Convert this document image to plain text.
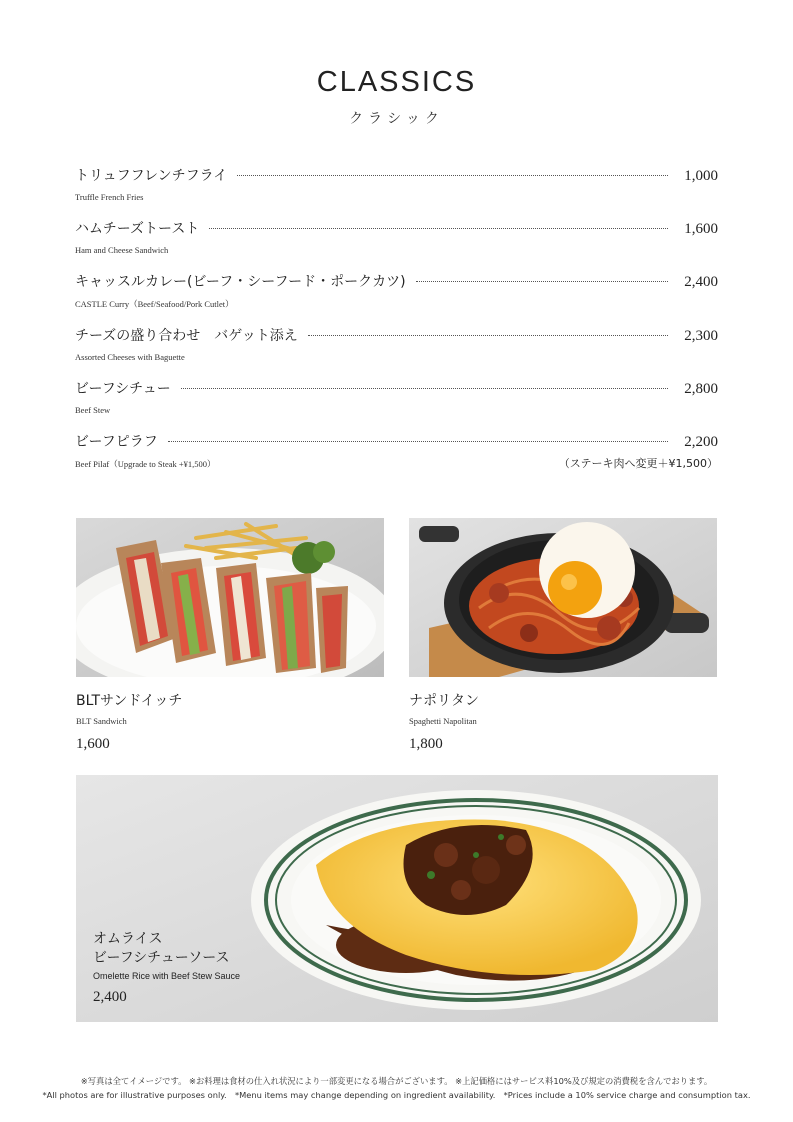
CLASSICS
クラシック
トリュフフレンチフライ	1,000
Truffle French Fries
ハムチーズトースト	1,600
Ham and Cheese Sandwich
キャッスルカレー(ビーフ・シーフード・ポークカツ)	2,400
CASTLE Curry（Beef/Seafood/Pork Cutlet）
チーズの盛り合わせ　バゲット添え	2,300
Assorted Cheeses with Baguette
ビーフシチュー	2,800
Beef Stew
ビーフピラフ	2,200
Beef Pilaf（Upgrade to Steak +¥1,500）	（ステーキ肉へ変更＋¥1,500）
BLTサンドイッチ
BLT Sandwich
1,600
ナポリタン
Spaghetti Napolitan
1,800
オムライス
ビーフシチューソース
Omelette Rice with Beef Stew Sauce
2,400
※写真は全てイメージです。 ※お料理は食材の仕入れ状況により一部変更になる場合がございます。 ※上記価格にはサービス料10%及び規定の消費税を含んでおります。
*All photos are for illustrative purposes only.　*Menu items may change depending on ingredient availability.　*Prices include a 10% service charge and consumption tax.
